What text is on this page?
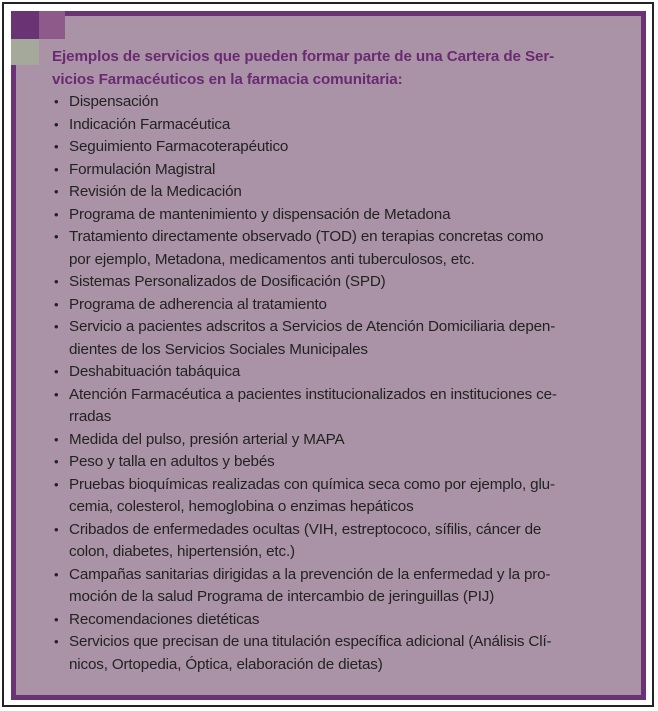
Ejemplos de servicios que pueden formar parte de una Cartera de Ser-
vicios Farmacéuticos en la farmacia comunitaria:
• Dispensación
• Indicación Farmacéutica
• Seguimiento Farmacoterapéutico
• Formulación Magistral
• Revisión de la Medicación
• Programa de mantenimiento y dispensación de Metadona
• Tratamiento directamente observado (TOD) en terapias concretas como
por ejemplo, Metadona, medicamentos anti tuberculosos, etc.
• Sistemas Personalizados de Dosificación (SPD)
• Programa de adherencia al tratamiento
• Servicio a pacientes adscritos a Servicios de Atención Domiciliaria depen-
dientes de los Servicios Sociales Municipales
• Deshabituación tabáquica
• Atención Farmacéutica a pacientes institucionalizados en instituciones ce-
rradas
• Medida del pulso, presión arterial y MAPA
• Peso y talla en adultos y bebés
• Pruebas bioquímicas realizadas con química seca como por ejemplo, glu-
cemia, colesterol, hemoglobina o enzimas hepáticos
• Cribados de enfermedades ocultas (VIH, estreptococo, sífilis, cáncer de
colon, diabetes, hipertensión, etc.)
• Campañas sanitarias dirigidas a la prevención de la enfermedad y la pro-
moción de la salud Programa de intercambio de jeringuillas (PIJ)
• Recomendaciones dietéticas
• Servicios que precisan de una titulación específica adicional (Análisis Clí-
nicos, Ortopedia, Óptica, elaboración de dietas)
